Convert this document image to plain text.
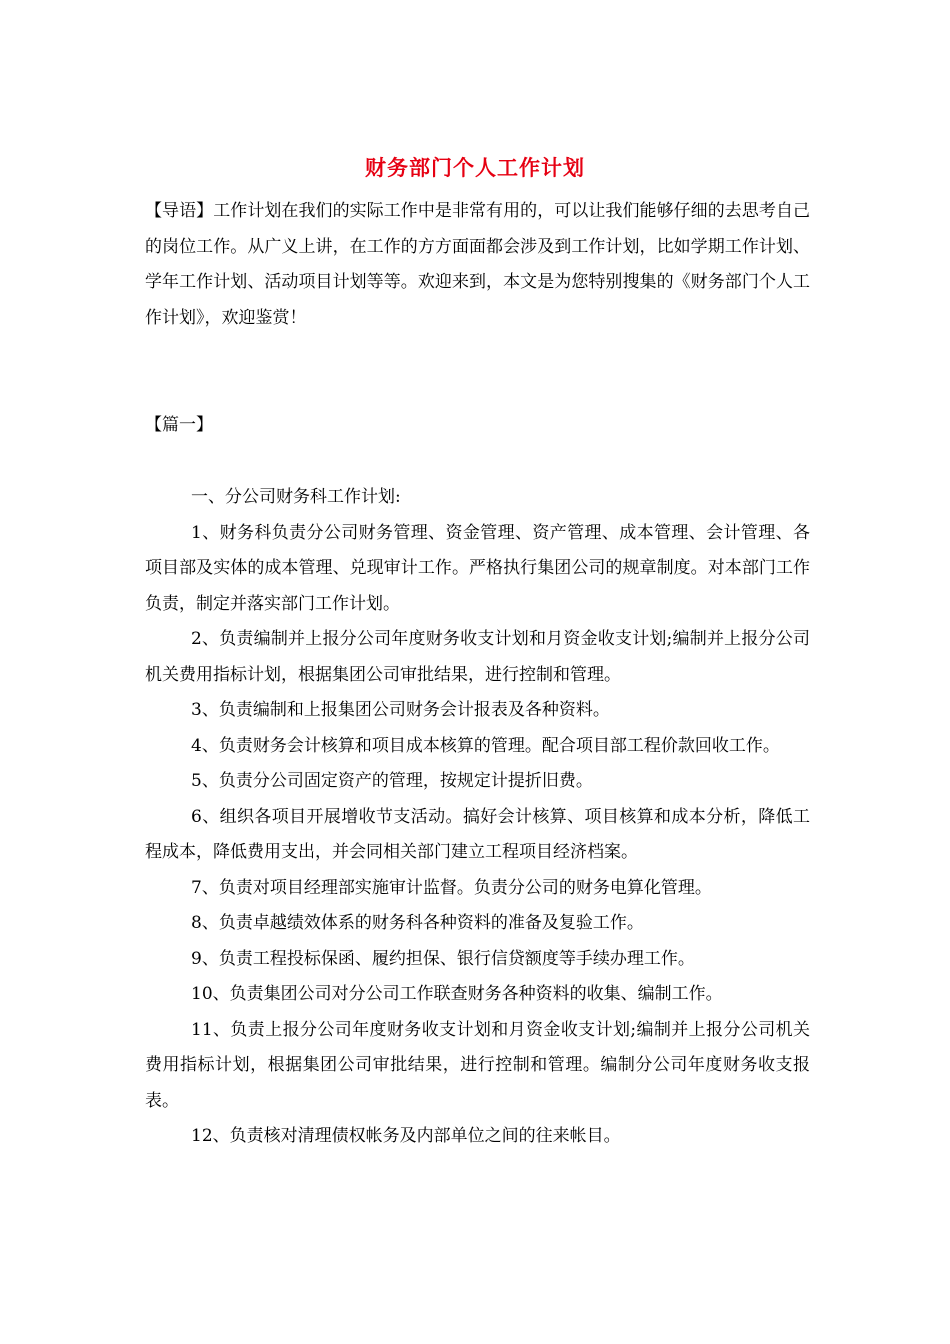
财务部门个人工作计划

【导语】工作计划在我们的实际工作中是非常有用的，可以让我们能够仔细的去思考自己的岗位工作。从广义上讲，在工作的方方面面都会涉及到工作计划，比如学期工作计划、学年工作计划、活动项目计划等等。欢迎来到，本文是为您特别搜集的《财务部门个人工作计划》，欢迎鉴赏！

【篇一】

一、分公司财务科工作计划:

1、财务科负责分公司财务管理、资金管理、资产管理、成本管理、会计管理、各项目部及实体的成本管理、兑现审计工作。严格执行集团公司的规章制度。对本部门工作负责，制定并落实部门工作计划。

2、负责编制并上报分公司年度财务收支计划和月资金收支计划;编制并上报分公司机关费用指标计划，根据集团公司审批结果，进行控制和管理。

3、负责编制和上报集团公司财务会计报表及各种资料。

4、负责财务会计核算和项目成本核算的管理。配合项目部工程价款回收工作。

5、负责分公司固定资产的管理，按规定计提折旧费。

6、组织各项目开展增收节支活动。搞好会计核算、项目核算和成本分析，降低工程成本，降低费用支出，并会同相关部门建立工程项目经济档案。

7、负责对项目经理部实施审计监督。负责分公司的财务电算化管理。

8、负责卓越绩效体系的财务科各种资料的准备及复验工作。

9、负责工程投标保函、履约担保、银行信贷额度等手续办理工作。

10、负责集团公司对分公司工作联查财务各种资料的收集、编制工作。

11、负责上报分公司年度财务收支计划和月资金收支计划;编制并上报分公司机关费用指标计划，根据集团公司审批结果，进行控制和管理。编制分公司年度财务收支报表。

12、负责核对清理债权帐务及内部单位之间的往来帐目。
